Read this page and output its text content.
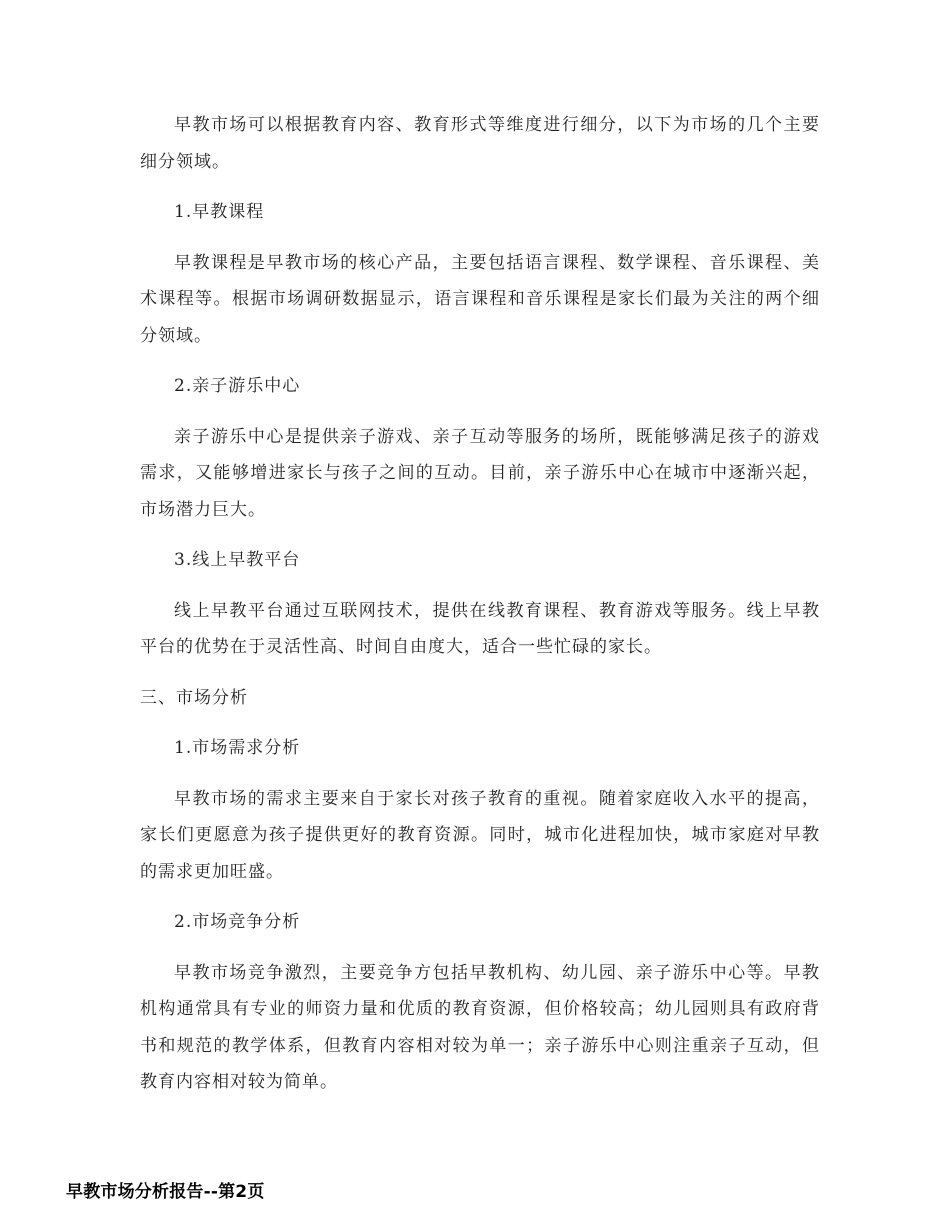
早教市场可以根据教育内容、教育形式等维度进行细分，以下为市场的几个主要细分领域。

1.早教课程

早教课程是早教市场的核心产品，主要包括语言课程、数学课程、音乐课程、美术课程等。根据市场调研数据显示，语言课程和音乐课程是家长们最为关注的两个细分领域。

2.亲子游乐中心

亲子游乐中心是提供亲子游戏、亲子互动等服务的场所，既能够满足孩子的游戏需求，又能够增进家长与孩子之间的互动。目前，亲子游乐中心在城市中逐渐兴起，市场潜力巨大。

3.线上早教平台

线上早教平台通过互联网技术，提供在线教育课程、教育游戏等服务。线上早教平台的优势在于灵活性高、时间自由度大，适合一些忙碌的家长。

三、市场分析

1.市场需求分析

早教市场的需求主要来自于家长对孩子教育的重视。随着家庭收入水平的提高，家长们更愿意为孩子提供更好的教育资源。同时，城市化进程加快，城市家庭对早教的需求更加旺盛。

2.市场竞争分析

早教市场竞争激烈，主要竞争方包括早教机构、幼儿园、亲子游乐中心等。早教机构通常具有专业的师资力量和优质的教育资源，但价格较高；幼儿园则具有政府背书和规范的教学体系，但教育内容相对较为单一；亲子游乐中心则注重亲子互动，但教育内容相对较为简单。

早教市场分析报告--第2页
